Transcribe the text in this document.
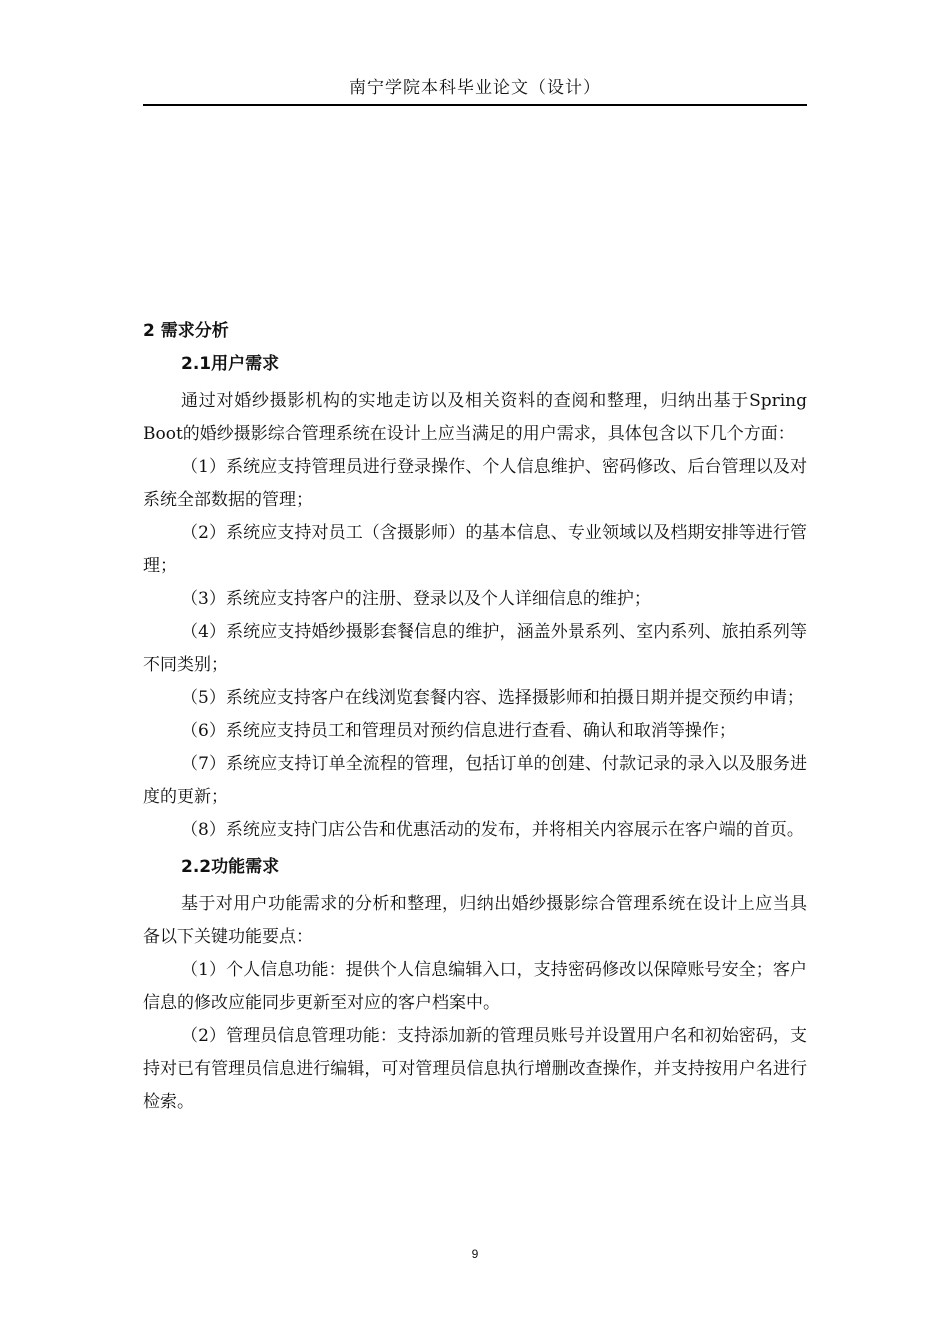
南宁学院本科毕业论文（设计）
2 需求分析
2.1用户需求

通过对婚纱摄影机构的实地走访以及相关资料的查阅和整理，归纳出基于Spring Boot的婚纱摄影综合管理系统在设计上应当满足的用户需求，具体包含以下几个方面：

（1）系统应支持管理员进行登录操作、个人信息维护、密码修改、后台管理以及对系统全部数据的管理；

（2）系统应支持对员工（含摄影师）的基本信息、专业领域以及档期安排等进行管理；

（3）系统应支持客户的注册、登录以及个人详细信息的维护；

（4）系统应支持婚纱摄影套餐信息的维护，涵盖外景系列、室内系列、旅拍系列等不同类别；

（5）系统应支持客户在线浏览套餐内容、选择摄影师和拍摄日期并提交预约申请；

（6）系统应支持员工和管理员对预约信息进行查看、确认和取消等操作；

（7）系统应支持订单全流程的管理，包括订单的创建、付款记录的录入以及服务进度的更新；

（8）系统应支持门店公告和优惠活动的发布，并将相关内容展示在客户端的首页。

2.2功能需求

基于对用户功能需求的分析和整理，归纳出婚纱摄影综合管理系统在设计上应当具备以下关键功能要点：

（1）个人信息功能：提供个人信息编辑入口，支持密码修改以保障账号安全；客户信息的修改应能同步更新至对应的客户档案中。

（2）管理员信息管理功能：支持添加新的管理员账号并设置用户名和初始密码，支持对已有管理员信息进行编辑，可对管理员信息执行增删改查操作，并支持按用户名进行检索。

9
